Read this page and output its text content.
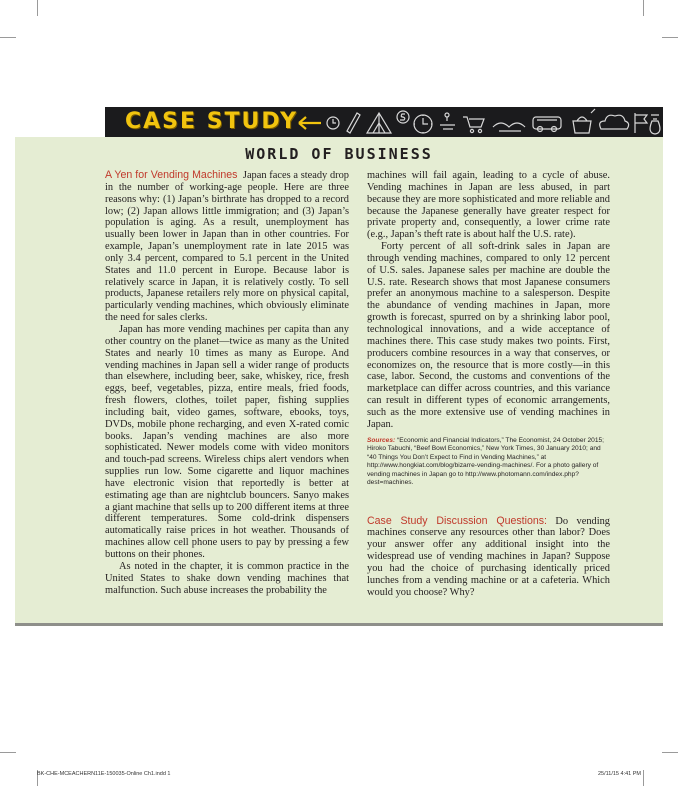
CASE STUDY
WORLD OF BUSINESS

A Yen for Vending Machines Japan faces a steady drop in the number of working-age people. Here are three reasons why: (1) Japan’s birthrate has dropped to a record low; (2) Japan allows little immigration; and (3) Japan’s population is aging. As a result, unemployment has usually been lower in Japan than in other countries. For example, Japan’s unemployment rate in late 2015 was only 3.4 percent, compared to 5.1 percent in the United States and 11.0 percent in Europe. Because labor is relatively scarce in Japan, it is relatively costly. To sell products, Japanese retailers rely more on physical capital, particularly vending machines, which obviously eliminate the need for sales clerks.

Japan has more vending machines per capita than any other country on the planet—twice as many as the United States and nearly 10 times as many as Europe. And vending machines in Japan sell a wider range of products than elsewhere, including beer, sake, whiskey, rice, fresh eggs, beef, vegetables, pizza, entire meals, fried foods, fresh flowers, clothes, toilet paper, fishing supplies including bait, video games, software, ebooks, toys, DVDs, mobile phone recharging, and even X-rated comic books. Japan’s vending machines are also more sophisticated. Newer models come with video monitors and touch-pad screens. Wireless chips alert vendors when supplies run low. Some cigarette and liquor machines have electronic vision that reportedly is better at estimating age than are nightclub bouncers. Sanyo makes a giant machine that sells up to 200 different items at three different temperatures. Some cold-drink dispensers automatically raise prices in hot weather. Thousands of machines allow cell phone users to pay by pressing a few buttons on their phones.

As noted in the chapter, it is common practice in the United States to shake down vending machines that malfunction. Such abuse increases the probability the

machines will fail again, leading to a cycle of abuse. Vending machines in Japan are less abused, in part because they are more sophisticated and more reliable and because the Japanese generally have greater respect for private property and, consequently, a lower crime rate (e.g., Japan’s theft rate is about half the U.S. rate).

Forty percent of all soft-drink sales in Japan are through vending machines, compared to only 12 percent of U.S. sales. Japanese sales per machine are double the U.S. rate. Research shows that most Japanese consumers prefer an anonymous machine to a salesperson. Despite the abundance of vending machines in Japan, more growth is forecast, spurred on by a shrinking labor pool, technological innovations, and a wide acceptance of machines there. This case study makes two points. First, producers combine resources in a way that conserves, or economizes on, the resource that is more costly—in this case, labor. Second, the customs and conventions of the marketplace can differ across countries, and this variance can result in different types of economic arrangements, such as the more extensive use of vending machines in Japan.

Sources: “Economic and Financial Indicators,” The Economist, 24 October 2015; Hiroko Tabuchi, “Beef Bowl Economics,” New York Times, 30 January 2010; and “40 Things You Don’t Expect to Find in Vending Machines,” at http://www.hongkiat.com/blog/bizarre-vending-machines/. For a photo gallery of vending machines in Japan go to http://www.photomann.com/index.php?dest=machines.

Case Study Discussion Questions: Do vending machines conserve any resources other than labor? Does your answer offer any additional insight into the widespread use of vending machines in Japan? Suppose you had the choice of purchasing identically priced lunches from a vending machine or at a cafeteria. Which would you choose? Why?

BK-CHE-MCEACHERN11E-150035-Online Ch1.indd 1	25/11/15 4:41 PM
